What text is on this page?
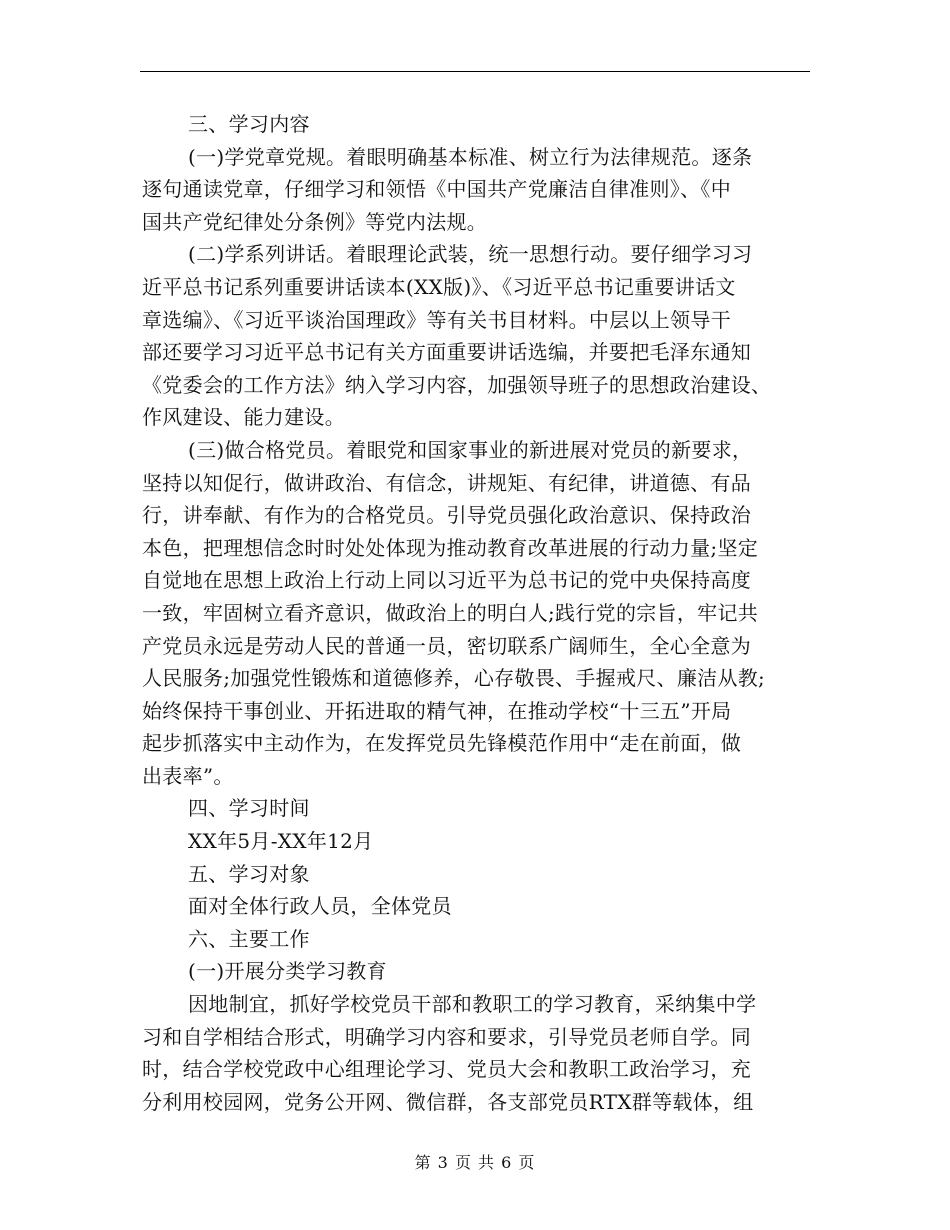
三、学习内容
(一)学党章党规。着眼明确基本标准、树立行为法律规范。逐条
逐句通读党章，仔细学习和领悟《中国共产党廉洁自律准则》、《中
国共产党纪律处分条例》等党内法规。
(二)学系列讲话。着眼理论武装，统一思想行动。要仔细学习习
近平总书记系列重要讲话读本(XX版)》、《习近平总书记重要讲话文
章选编》、《习近平谈治国理政》等有关书目材料。中层以上领导干
部还要学习习近平总书记有关方面重要讲话选编，并要把毛泽东通知
《党委会的工作方法》纳入学习内容，加强领导班子的思想政治建设、
作风建设、能力建设。
(三)做合格党员。着眼党和国家事业的新进展对党员的新要求，
坚持以知促行，做讲政治、有信念，讲规矩、有纪律，讲道德、有品
行，讲奉献、有作为的合格党员。引导党员强化政治意识、保持政治
本色，把理想信念时时处处体现为推动教育改革进展的行动力量;坚定
自觉地在思想上政治上行动上同以习近平为总书记的党中央保持高度
一致，牢固树立看齐意识，做政治上的明白人;践行党的宗旨，牢记共
产党员永远是劳动人民的普通一员，密切联系广阔师生，全心全意为
人民服务;加强党性锻炼和道德修养，心存敬畏、手握戒尺、廉洁从教;
始终保持干事创业、开拓进取的精气神，在推动学校“十三五”开局
起步抓落实中主动作为，在发挥党员先锋模范作用中“走在前面，做
出表率”。
四、学习时间
XX年5月-XX年12月
五、学习对象
面对全体行政人员，全体党员
六、主要工作
(一)开展分类学习教育
因地制宜，抓好学校党员干部和教职工的学习教育，采纳集中学
习和自学相结合形式，明确学习内容和要求，引导党员老师自学。同
时，结合学校党政中心组理论学习、党员大会和教职工政治学习，充
分利用校园网，党务公开网、微信群，各支部党员RTX群等载体，组
第 3 页 共 6 页
